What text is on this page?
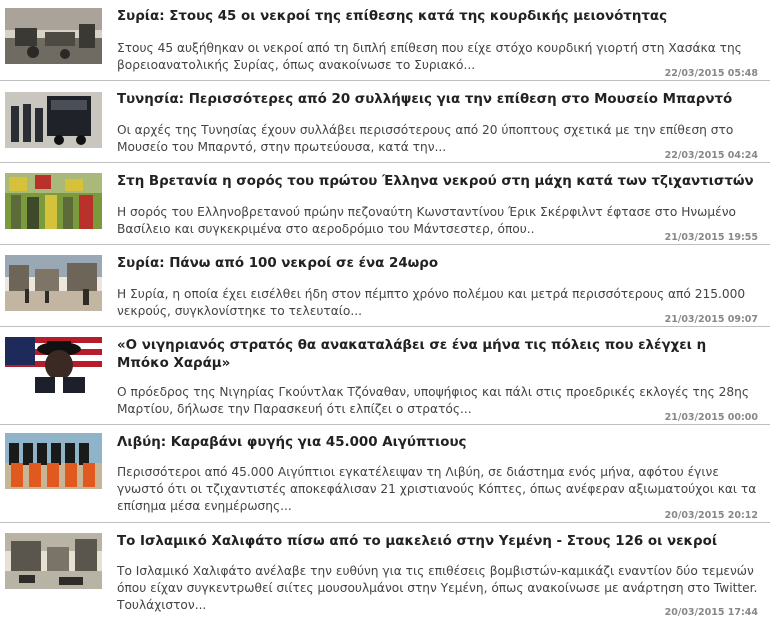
Συρία: Στους 45 οι νεκροί της επίθεσης κατά της κουρδικής μειονότητας
Στους 45 αυξήθηκαν οι νεκροί από τη διπλή επίθεση που είχε στόχο κουρδική γιορτή στη Χασάκα της βορειοανατολικής Συρίας, όπως ανακοίνωσε το Συριακό...
22/03/2015 05:48
Τυνησία: Περισσότερες από 20 συλλήψεις για την επίθεση στο Μουσείο Μπαρντό
Οι αρχές της Τυνησίας έχουν συλλάβει περισσότερους από 20 ύποπτους σχετικά με την επίθεση στο Μουσείο του Μπαρντό, στην πρωτεύουσα, κατά την...
22/03/2015 04:24
Στη Βρετανία η σορός του πρώτου Έλληνα νεκρού στη μάχη κατά των τζιχαντιστών
Η σορός του Ελληνοβρετανού πρώην πεζοναύτη Κωνσταντίνου Έρικ Σκέρφιλντ έφτασε στο Ηνωμένο Βασίλειο και συγκεκριμένα στο αεροδρόμιο του Μάντσεστερ, όπου..
21/03/2015 19:55
Συρία: Πάνω από 100 νεκροί σε ένα 24ωρο
Η Συρία, η οποία έχει εισέλθει ήδη στον πέμπτο χρόνο πολέμου και μετρά περισσότερους από 215.000 νεκρούς, συγκλονίστηκε το τελευταίο...
21/03/2015 09:07
«Ο νιγηριανός στρατός θα ανακαταλάβει σε ένα μήνα τις πόλεις που ελέγχει η Μπόκο Χαράμ»
Ο πρόεδρος της Νιγηρίας Γκούντλακ Τζόναθαν, υποψήφιος και πάλι στις προεδρικές εκλογές της 28ης Μαρτίου, δήλωσε την Παρασκευή ότι ελπίζει ο στρατός...
21/03/2015 00:00
Λιβύη: Καραβάνι φυγής για 45.000 Αιγύπτιους
Περισσότεροι από 45.000 Αιγύπτιοι εγκατέλειψαν τη Λιβύη, σε διάστημα ενός μήνα, αφότου έγινε γνωστό ότι οι τζιχαντιστές αποκεφάλισαν 21 χριστιανούς Κόπτες, όπως ανέφεραν αξιωματούχοι και τα επίσημα μέσα ενημέρωσης...
20/03/2015 20:12
Το Ισλαμικό Χαλιφάτο πίσω από το μακελειό στην Υεμένη - Στους 126 οι νεκροί
Το Ισλαμικό Χαλιφάτο ανέλαβε την ευθύνη για τις επιθέσεις βομβιστών-καμικάζι εναντίον δύο τεμενών όπου είχαν συγκεντρωθεί σιίτες μουσουλμάνοι στην Υεμένη, όπως ανακοίνωσε με ανάρτηση στο Twitter. Τουλάχιστον...
20/03/2015 17:44
